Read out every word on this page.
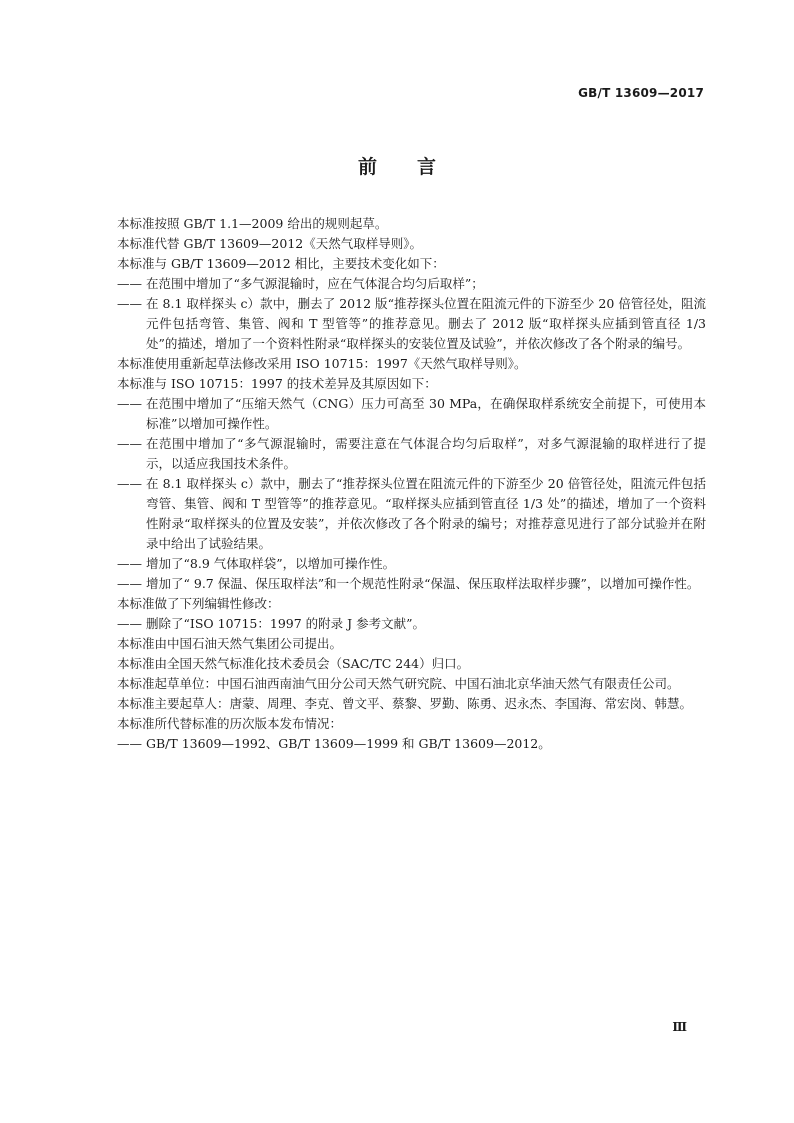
GB/T 13609—2017
前言

本标准按照 GB/T 1.1—2009 给出的规则起草。

本标准代替 GB/T 13609—2012《天然气取样导则》。

本标准与 GB/T 13609—2012 相比，主要技术变化如下：

—— 在范围中增加了“多气源混输时，应在气体混合均匀后取样”；

—— 在 8.1 取样探头 c）款中，删去了 2012 版“推荐探头位置在阻流元件的下游至少 20 倍管径处，阻流元件包括弯管、集管、阀和 T 型管等”的推荐意见。删去了 2012 版“取样探头应插到管直径 1/3 处”的描述，增加了一个资料性附录“取样探头的安装位置及试验”，并依次修改了各个附录的编号。

本标准使用重新起草法修改采用 ISO 10715：1997《天然气取样导则》。

本标准与 ISO 10715：1997 的技术差异及其原因如下：

—— 在范围中增加了“压缩天然气（CNG）压力可高至 30 MPa，在确保取样系统安全前提下，可使用本标准”以增加可操作性。

—— 在范围中增加了“多气源混输时，需要注意在气体混合均匀后取样”，对多气源混输的取样进行了提示，以适应我国技术条件。

—— 在 8.1 取样探头 c）款中，删去了“推荐探头位置在阻流元件的下游至少 20 倍管径处，阻流元件包括弯管、集管、阀和 T 型管等”的推荐意见。“取样探头应插到管直径 1/3 处”的描述，增加了一个资料性附录“取样探头的位置及安装”，并依次修改了各个附录的编号；对推荐意见进行了部分试验并在附录中给出了试验结果。

—— 增加了“8.9 气体取样袋”，以增加可操作性。

—— 增加了“ 9.7 保温、保压取样法”和一个规范性附录“保温、保压取样法取样步骤”，以增加可操作性。

本标准做了下列编辑性修改：

—— 删除了“ISO 10715：1997 的附录 J 参考文献”。

本标准由中国石油天然气集团公司提出。

本标准由全国天然气标准化技术委员会（SAC/TC 244）归口。

本标准起草单位：中国石油西南油气田分公司天然气研究院、中国石油北京华油天然气有限责任公司。

本标准主要起草人：唐蒙、周理、李克、曾文平、蔡黎、罗勤、陈勇、迟永杰、李国海、常宏岗、韩慧。

本标准所代替标准的历次版本发布情况：

—— GB/T 13609—1992、GB/T 13609—1999 和 GB/T 13609—2012。

Ⅲ
